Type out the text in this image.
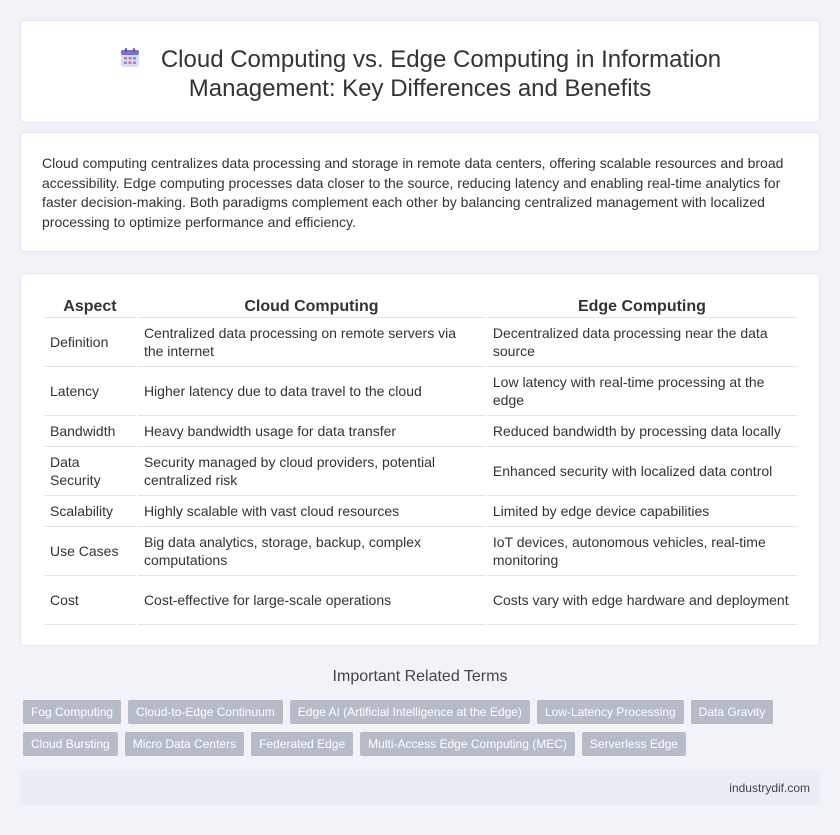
Cloud Computing vs. Edge Computing in Information
Management: Key Differences and Benefits

Cloud computing centralizes data processing and storage in remote data centers, offering scalable resources and broad accessibility. Edge computing processes data closer to the source, reducing latency and enabling real-time analytics for faster decision-making. Both paradigms complement each other by balancing centralized management with localized processing to optimize performance and efficiency.

Aspect	Cloud Computing	Edge Computing
Definition	Centralized data processing on remote servers via the internet	Decentralized data processing near the data source
Latency	Higher latency due to data travel to the cloud	Low latency with real-time processing at the edge
Bandwidth	Heavy bandwidth usage for data transfer	Reduced bandwidth by processing data locally
Data Security	Security managed by cloud providers, potential centralized risk	Enhanced security with localized data control
Scalability	Highly scalable with vast cloud resources	Limited by edge device capabilities
Use Cases	Big data analytics, storage, backup, complex computations	IoT devices, autonomous vehicles, real-time monitoring
Cost	Cost-effective for large-scale operations	Costs vary with edge hardware and deployment
Important Related Terms
Fog Computing	Cloud-to-Edge Continuum	Edge AI (Artificial Intelligence at the Edge)	Low-Latency Processing	Data Gravity
Cloud Bursting	Micro Data Centers	Federated Edge	Multi-Access Edge Computing (MEC)	Serverless Edge
industrydif.com
